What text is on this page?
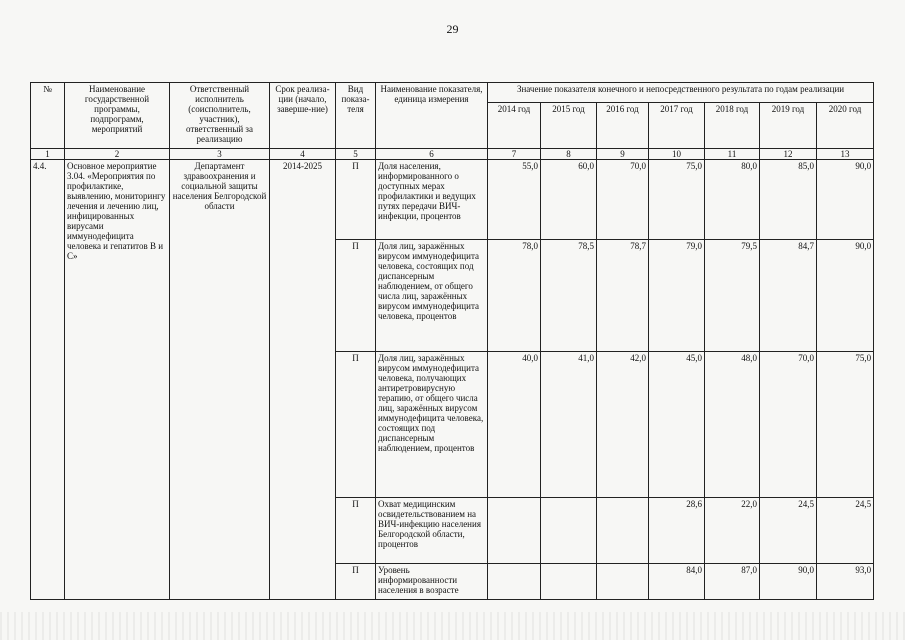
29
№	Наименование государственной программы, подпрограмм, мероприятий	Ответственный исполнитель (соисполнитель, участник), ответственный за реализацию	Срок реализа-ции (начало, заверше-ние)	Вид показа-теля	Наименование показателя, единица измерения	Значение показателя конечного и непосредственного результата по годам реализации						
						2014 год	2015 год	2016 год	2017 год	2018 год	2019 год	2020 год
1	2	3	4	5	6	7	8	9	10	11	12	13
4.4.	Основное мероприятие 3.04. «Мероприятия по профилактике, выявлению, мониторингу лечения и лечению лиц, инфицированных вирусами иммунодефицита человека и гепатитов В и С»	Департамент здравоохранения и социальной защиты населения Белгородской области	2014-2025	П	Доля населения, информированного о доступных мерах профилактики и ведущих путях передачи ВИЧ-инфекции, процентов	55,0	60,0	70,0	75,0	80,0	85,0	90,0
				П	Доля лиц, заражённых вирусом иммунодефицита человека, состоящих под диспансерным наблюдением, от общего числа лиц, заражённых вирусом иммунодефицита человека, процентов	78,0	78,5	78,7	79,0	79,5	84,7	90,0
				П	Доля лиц, заражённых вирусом иммунодефицита человека, получающих антиретровирусную терапию, от общего числа лиц, заражённых вирусом иммунодефицита человека, состоящих под диспансерным наблюдением, процентов	40,0	41,0	42,0	45,0	48,0	70,0	75,0
				П	Охват медицинским освидетельствованием на ВИЧ-инфекцию населения Белгородской области, процентов				28,6	22,0	24,5	24,5
				П	Уровень информированности населения в возрасте				84,0	87,0	90,0	93,0
